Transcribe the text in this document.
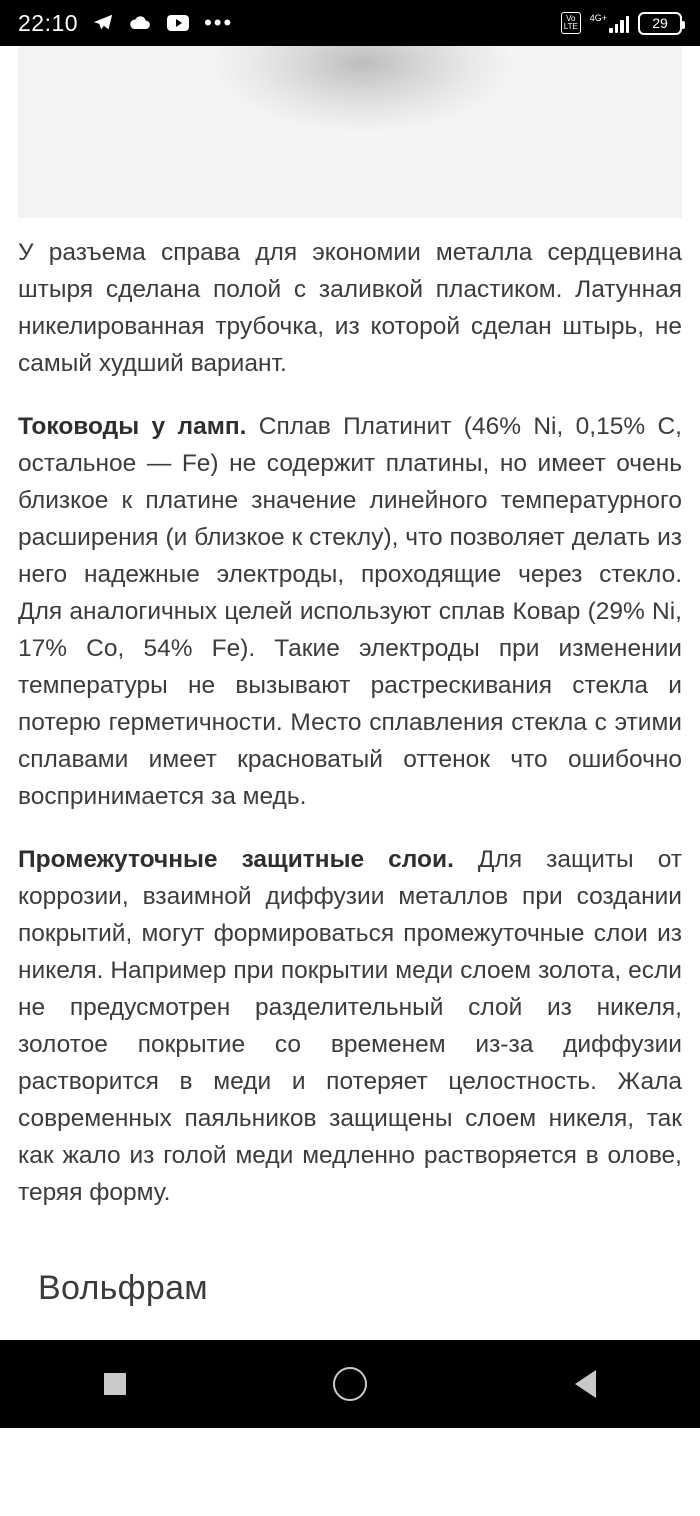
22:10	•••	Vo
LTE
4G+	29

У разъема справа для экономии металла сердцевина штыря сделана полой с заливкой пластиком. Латунная никелированная трубочка, из которой сделан штырь, не самый худший вариант.

Тоководы у ламп. Сплав Платинит (46% Ni, 0,15% C, остальное — Fe) не содержит платины, но имеет очень близкое к платине значение линейного температурного расширения (и близкое к стеклу), что позволяет делать из него надежные электроды, проходящие через стекло. Для аналогичных целей используют сплав Ковар (29% Ni, 17% Co, 54% Fe). Такие электроды при изменении температуры не вызывают растрескивания стекла и потерю герметичности. Место сплавления стекла с этими сплавами имеет красноватый оттенок что ошибочно воспринимается за медь.

Промежуточные защитные слои. Для защиты от коррозии, взаимной диффузии металлов при создании покрытий, могут формироваться промежуточные слои из никеля. Например при покрытии меди слоем золота, если не предусмотрен разделительный слой из никеля, золотое покрытие со временем из-за диффузии растворится в меди и потеряет целостность. Жала современных паяльников защищены слоем никеля, так как жало из голой меди медленно растворяется в олове, теряя форму.

Вольфрам
